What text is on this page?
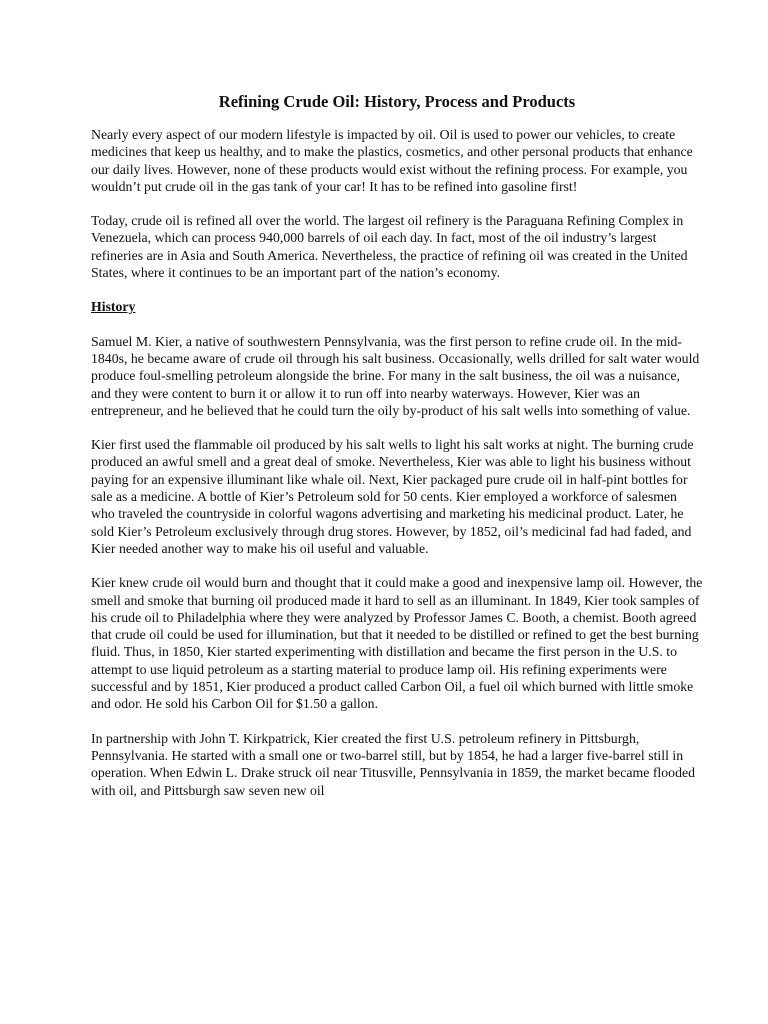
Refining Crude Oil: History, Process and Products

Nearly every aspect of our modern lifestyle is impacted by oil. Oil is used to power our vehicles, to create medicines that keep us healthy, and to make the plastics, cosmetics, and other personal products that enhance our daily lives. However, none of these products would exist without the refining process. For example, you wouldn’t put crude oil in the gas tank of your car! It has to be refined into gasoline first!

Today, crude oil is refined all over the world. The largest oil refinery is the Paraguana Refining Complex in Venezuela, which can process 940,000 barrels of oil each day. In fact, most of the oil industry’s largest refineries are in Asia and South America. Nevertheless, the practice of refining oil was created in the United States, where it continues to be an important part of the nation’s economy.

History

Samuel M. Kier, a native of southwestern Pennsylvania, was the first person to refine crude oil. In the mid-1840s, he became aware of crude oil through his salt business. Occasionally, wells drilled for salt water would produce foul-smelling petroleum alongside the brine. For many in the salt business, the oil was a nuisance, and they were content to burn it or allow it to run off into nearby waterways. However, Kier was an entrepreneur, and he believed that he could turn the oily by-product of his salt wells into something of value.

Kier first used the flammable oil produced by his salt wells to light his salt works at night. The burning crude produced an awful smell and a great deal of smoke. Nevertheless, Kier was able to light his business without paying for an expensive illuminant like whale oil. Next, Kier packaged pure crude oil in half-pint bottles for sale as a medicine. A bottle of Kier’s Petroleum sold for 50 cents. Kier employed a workforce of salesmen who traveled the countryside in colorful wagons advertising and marketing his medicinal product. Later, he sold Kier’s Petroleum exclusively through drug stores. However, by 1852, oil’s medicinal fad had faded, and Kier needed another way to make his oil useful and valuable.

Kier knew crude oil would burn and thought that it could make a good and inexpensive lamp oil. However, the smell and smoke that burning oil produced made it hard to sell as an illuminant. In 1849, Kier took samples of his crude oil to Philadelphia where they were analyzed by Professor James C. Booth, a chemist. Booth agreed that crude oil could be used for illumination, but that it needed to be distilled or refined to get the best burning fluid. Thus, in 1850, Kier started experimenting with distillation and became the first person in the U.S. to attempt to use liquid petroleum as a starting material to produce lamp oil. His refining experiments were successful and by 1851, Kier produced a product called Carbon Oil, a fuel oil which burned with little smoke and odor. He sold his Carbon Oil for $1.50 a gallon.

In partnership with John T. Kirkpatrick, Kier created the first U.S. petroleum refinery in Pittsburgh, Pennsylvania. He started with a small one or two-barrel still, but by 1854, he had a larger five-barrel still in operation. When Edwin L. Drake struck oil near Titusville, Pennsylvania in 1859, the market became flooded with oil, and Pittsburgh saw seven new oil
